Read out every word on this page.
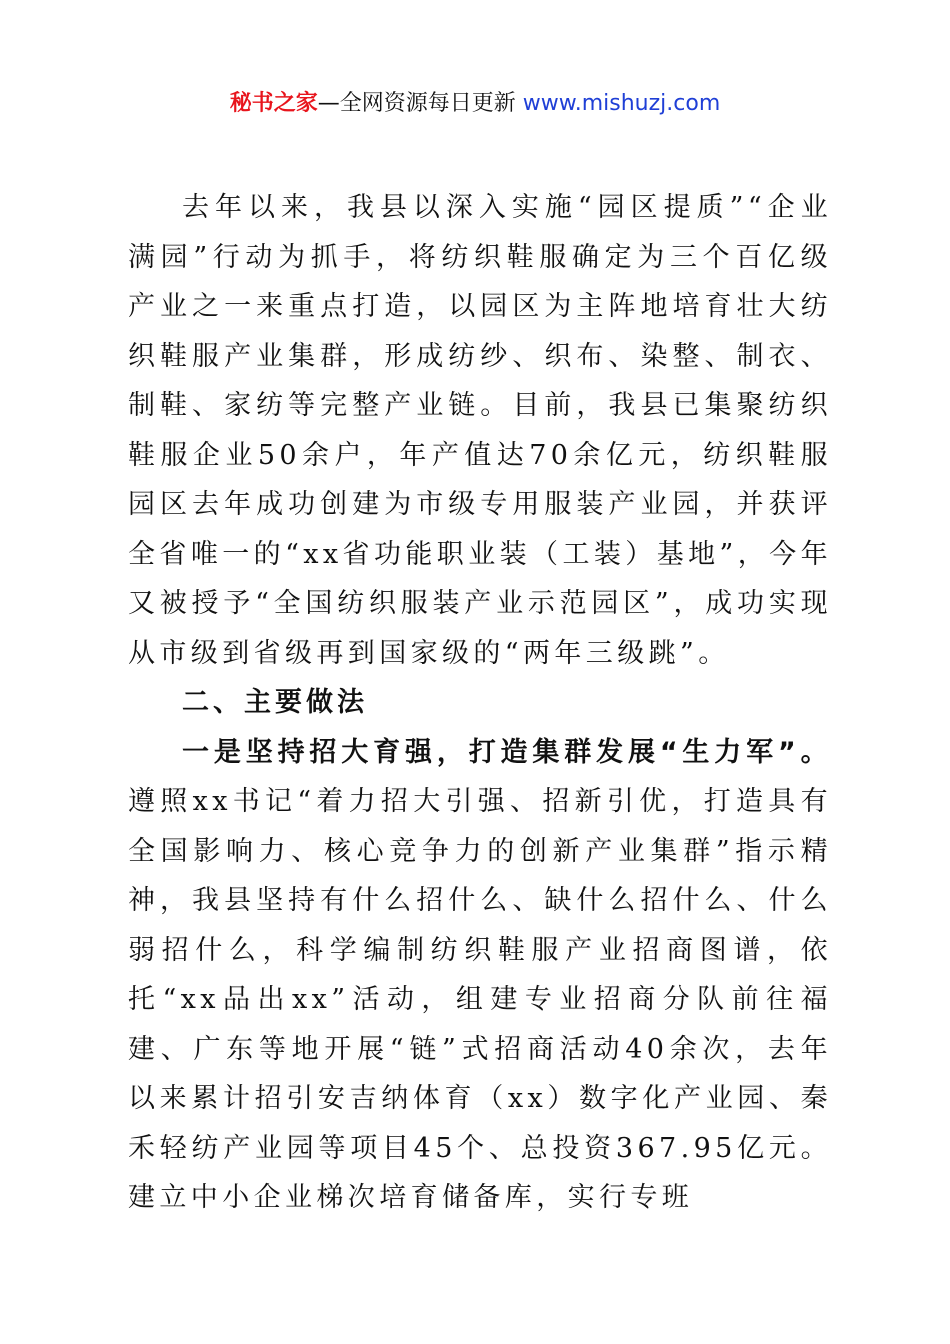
秘书之家—全网资源每日更新 www.mishuzj.com

去年以来，我县以深入实施“园区提质”“企业满园”行动为抓手，将纺织鞋服确定为三个百亿级产业之一来重点打造，以园区为主阵地培育壮大纺织鞋服产业集群，形成纺纱、织布、染整、制衣、制鞋、家纺等完整产业链。目前，我县已集聚纺织鞋服企业50余户，年产值达70余亿元，纺织鞋服园区去年成功创建为市级专用服装产业园，并获评全省唯一的“xx省功能职业装（工装）基地”，今年又被授予“全国纺织服装产业示范园区”，成功实现从市级到省级再到国家级的“两年三级跳”。

二、主要做法

一是坚持招大育强，打造集群发展“生力军”。遵照xx书记“着力招大引强、招新引优，打造具有全国影响力、核心竞争力的创新产业集群”指示精神，我县坚持有什么招什么、缺什么招什么、什么弱招什么，科学编制纺织鞋服产业招商图谱，依托“xx品出xx”活动，组建专业招商分队前往福建、广东等地开展“链”式招商活动40余次，去年以来累计招引安吉纳体育（xx）数字化产业园、秦禾轻纺产业园等项目45个、总投资367.95亿元。建立中小企业梯次培育储备库，实行专班
